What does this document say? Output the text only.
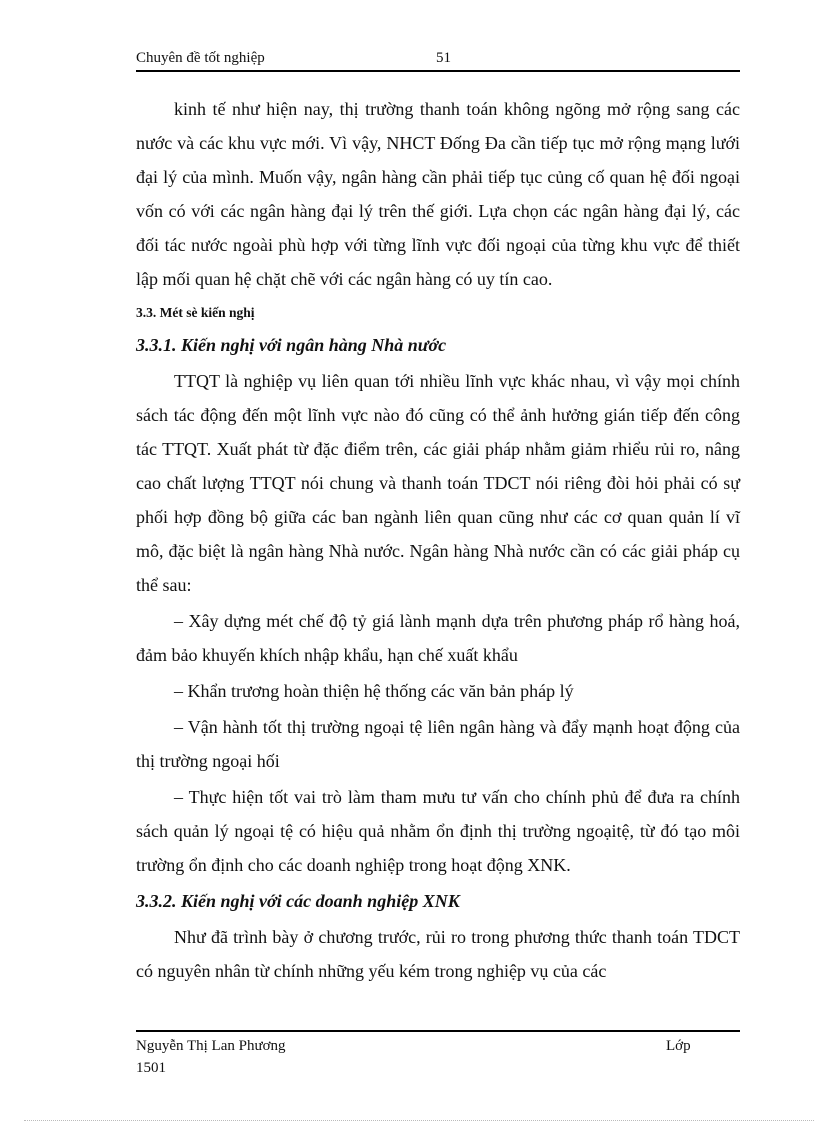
Chuyên đề tốt nghiệp	51

kinh tế như hiện nay, thị trường thanh toán không ngõng mở rộng sang các nước và các khu vực mới. Vì vậy, NHCT Đống Đa cần tiếp tục mở rộng mạng lưới đại lý của mình. Muốn vậy, ngân hàng cần phải tiếp tục củng cố quan hệ đối ngoại vốn có với các ngân hàng đại lý trên thế giới. Lựa chọn các ngân hàng đại lý, các đối tác nước ngoài phù hợp với từng lĩnh vực đối ngoại của từng khu vực để thiết lập mối quan hệ chặt chẽ với các ngân hàng có uy tín cao.

3.3. Mét sè kiến nghị

3.3.1. Kiến nghị với ngân hàng Nhà nước

TTQT là nghiệp vụ liên quan tới nhiều lĩnh vực khác nhau, vì vậy mọi chính sách tác động đến một lĩnh vực nào đó cũng có thể ảnh hưởng gián tiếp đến công tác TTQT. Xuất phát từ đặc điểm trên, các giải pháp nhằm giảm rhiểu rủi ro, nâng cao chất lượng TTQT nói chung và thanh toán TDCT nói riêng đòi hỏi phải có sự phối hợp đồng bộ giữa các ban ngành liên quan cũng như các cơ quan quản lí vĩ mô, đặc biệt là ngân hàng Nhà nước. Ngân hàng Nhà nước cần có các giải pháp cụ thể sau:

– Xây dựng mét chế độ tỷ giá lành mạnh dựa trên phương pháp rổ hàng hoá, đảm bảo khuyến khích nhập khẩu, hạn chế xuất khẩu

– Khẩn trương hoàn thiện hệ thống các văn bản pháp lý

– Vận hành tốt thị trường ngoại tệ liên ngân hàng và đẩy mạnh hoạt động của thị trường ngoại hối

– Thực hiện tốt vai trò làm tham mưu tư vấn cho chính phủ để đưa ra chính sách quản lý ngoại tệ có hiệu quả nhằm ổn định thị trường ngoạitệ, từ đó tạo môi trường ổn định cho các doanh nghiệp trong hoạt động XNK.

3.3.2. Kiến nghị với các doanh nghiệp XNK

Như đã trình bày ở chương trước, rủi ro trong phương thức thanh toán TDCT có nguyên nhân từ chính những yếu kém trong nghiệp vụ của các

Nguyễn Thị Lan Phương	Lớp
1501
